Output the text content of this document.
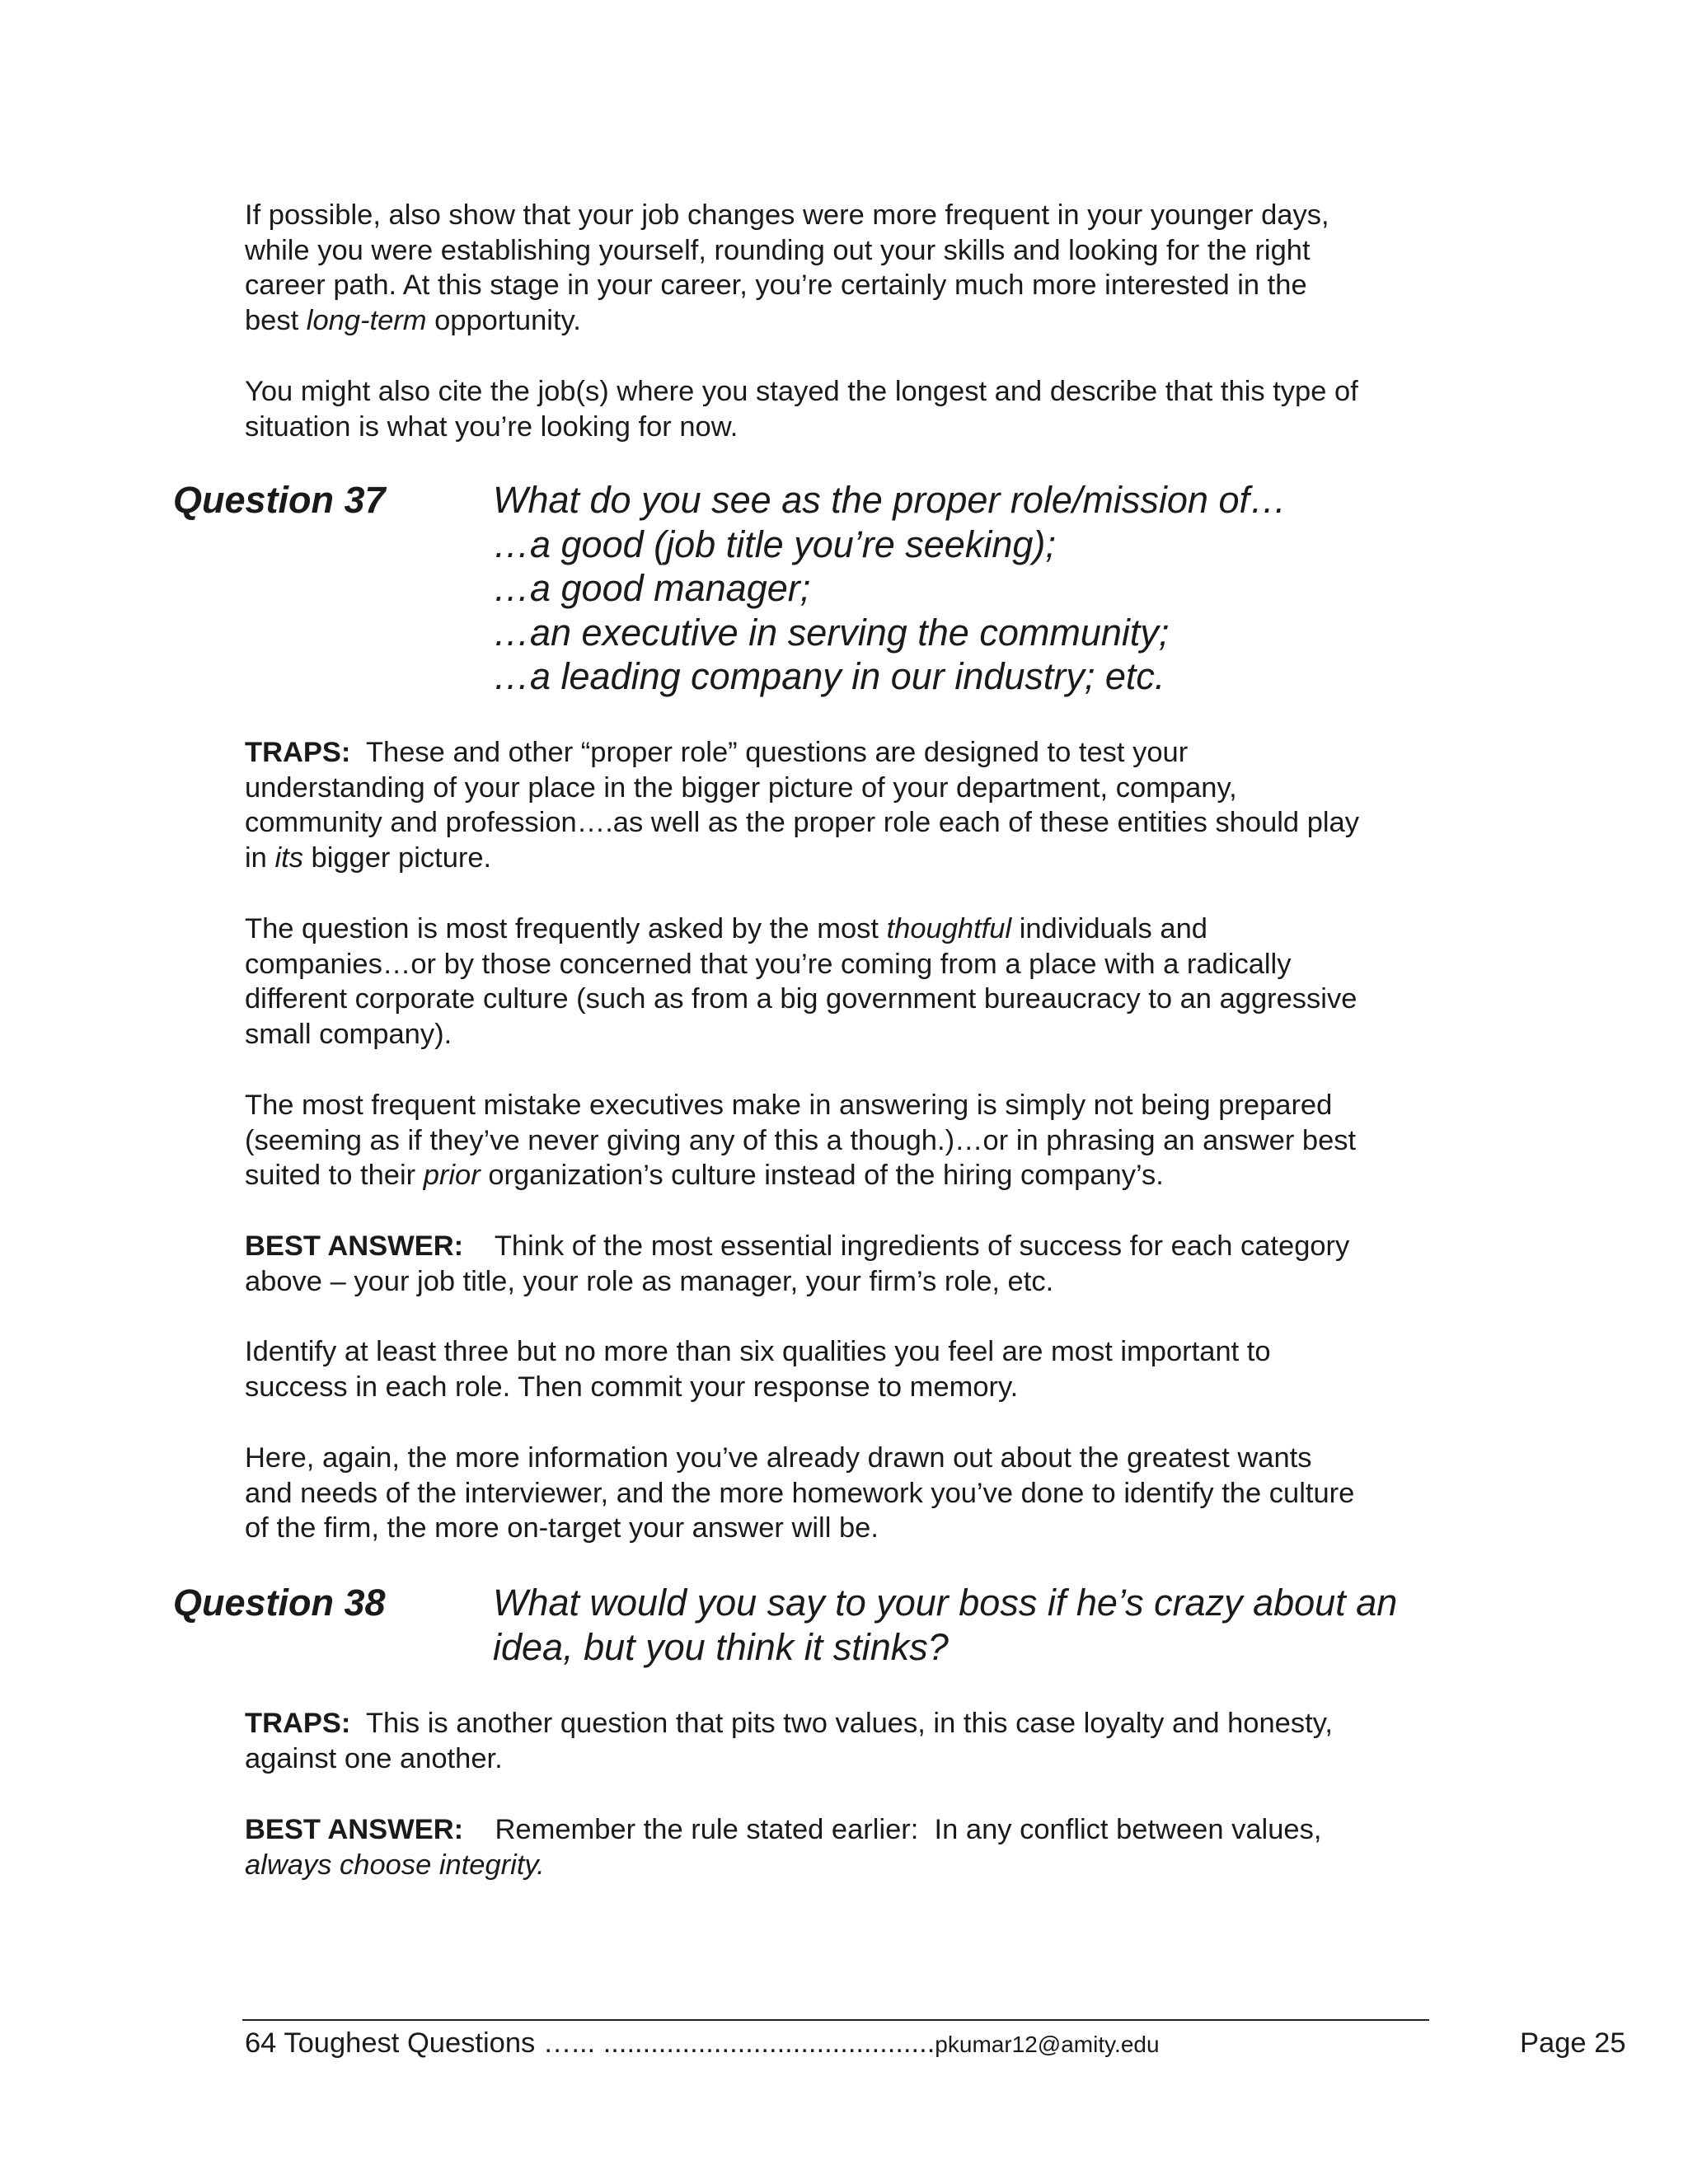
If possible, also show that your job changes were more frequent in your younger days,
while you were establishing yourself, rounding out your skills and looking for the right
career path. At this stage in your career, you’re certainly much more interested in the
best long-term opportunity.

You might also cite the job(s) where you stayed the longest and describe that this type of
situation is what you’re looking for now.

Question 37	What do you see as the proper role/mission of…
…a good (job title you’re seeking);
…a good manager;
…an executive in serving the community;
…a leading company in our industry; etc.

TRAPS:  These and other “proper role” questions are designed to test your
understanding of your place in the bigger picture of your department, company,
community and profession….as well as the proper role each of these entities should play
in its bigger picture.

The question is most frequently asked by the most thoughtful individuals and
companies…or by those concerned that you’re coming from a place with a radically
different corporate culture (such as from a big government bureaucracy to an aggressive
small company).

The most frequent mistake executives make in answering is simply not being prepared
(seeming as if they’ve never giving any of this a though.)…or in phrasing an answer best
suited to their prior organization’s culture instead of the hiring company’s.

BEST ANSWER:    Think of the most essential ingredients of success for each category
above – your job title, your role as manager, your firm’s role, etc.

Identify at least three but no more than six qualities you feel are most important to
success in each role. Then commit your response to memory.

Here, again, the more information you’ve already drawn out about the greatest wants
and needs of the interviewer, and the more homework you’ve done to identify the culture
of the firm, the more on-target your answer will be.

Question 38	What would you say to your boss if he’s crazy about an
idea, but you think it stinks?

TRAPS:  This is another question that pits two values, in this case loyalty and honesty,
against one another.

BEST ANSWER:    Remember the rule stated earlier:  In any conflict between values,
always choose integrity.

64 Toughest Questions …... ..........................................pkumar12@amity.edu	Page 25
